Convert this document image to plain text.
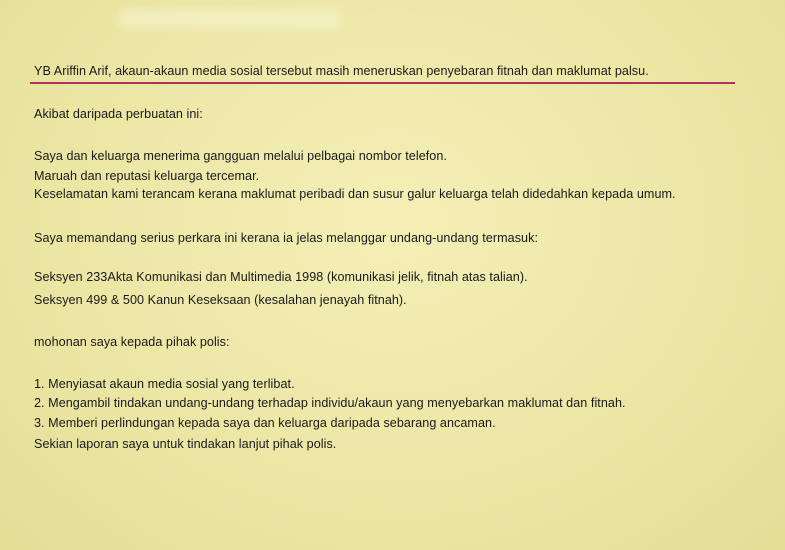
YB Ariffin Arif, akaun-akaun media sosial tersebut masih meneruskan penyebaran fitnah dan maklumat palsu.
Akibat daripada perbuatan ini:
Saya dan keluarga menerima gangguan melalui pelbagai nombor telefon.
Maruah dan reputasi keluarga tercemar.
Keselamatan kami terancam kerana maklumat peribadi dan susur galur keluarga telah didedahkan kepada umum.
Saya memandang serius perkara ini kerana ia jelas melanggar undang-undang termasuk:
Seksyen 233Akta Komunikasi dan Multimedia 1998 (komunikasi jelik, fitnah atas talian).
Seksyen 499 & 500 Kanun Keseksaan (kesalahan jenayah fitnah).
mohonan saya kepada pihak polis:
1. Menyiasat akaun media sosial yang terlibat.
2. Mengambil tindakan undang-undang terhadap individu/akaun yang menyebarkan maklumat dan fitnah.
3. Memberi perlindungan kepada saya dan keluarga daripada sebarang ancaman.
Sekian laporan saya untuk tindakan lanjut pihak polis.
